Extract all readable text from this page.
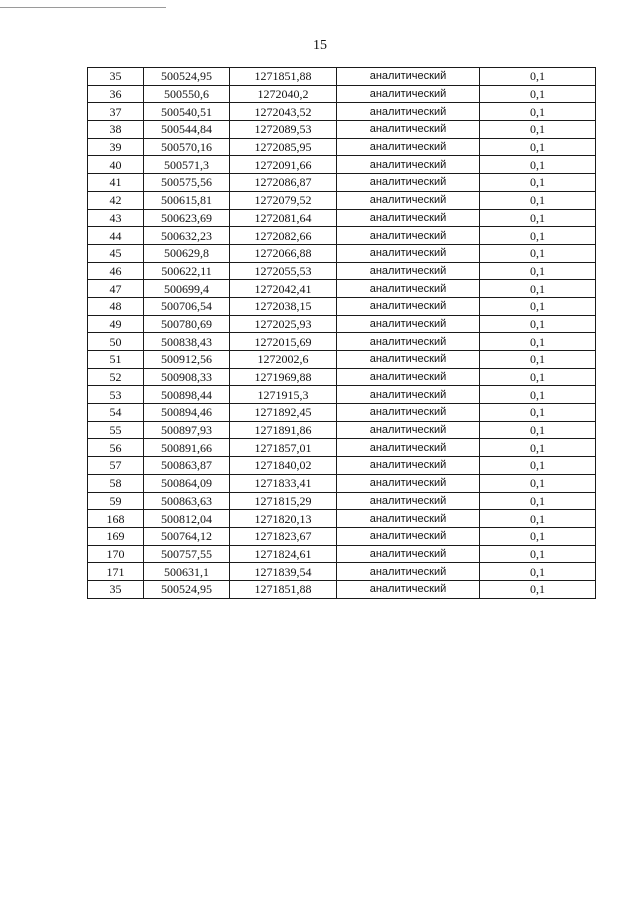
15
35	500524,95	1271851,88	аналитический	0,1
36	500550,6	1272040,2	аналитический	0,1
37	500540,51	1272043,52	аналитический	0,1
38	500544,84	1272089,53	аналитический	0,1
39	500570,16	1272085,95	аналитический	0,1
40	500571,3	1272091,66	аналитический	0,1
41	500575,56	1272086,87	аналитический	0,1
42	500615,81	1272079,52	аналитический	0,1
43	500623,69	1272081,64	аналитический	0,1
44	500632,23	1272082,66	аналитический	0,1
45	500629,8	1272066,88	аналитический	0,1
46	500622,11	1272055,53	аналитический	0,1
47	500699,4	1272042,41	аналитический	0,1
48	500706,54	1272038,15	аналитический	0,1
49	500780,69	1272025,93	аналитический	0,1
50	500838,43	1272015,69	аналитический	0,1
51	500912,56	1272002,6	аналитический	0,1
52	500908,33	1271969,88	аналитический	0,1
53	500898,44	1271915,3	аналитический	0,1
54	500894,46	1271892,45	аналитический	0,1
55	500897,93	1271891,86	аналитический	0,1
56	500891,66	1271857,01	аналитический	0,1
57	500863,87	1271840,02	аналитический	0,1
58	500864,09	1271833,41	аналитический	0,1
59	500863,63	1271815,29	аналитический	0,1
168	500812,04	1271820,13	аналитический	0,1
169	500764,12	1271823,67	аналитический	0,1
170	500757,55	1271824,61	аналитический	0,1
171	500631,1	1271839,54	аналитический	0,1
35	500524,95	1271851,88	аналитический	0,1
